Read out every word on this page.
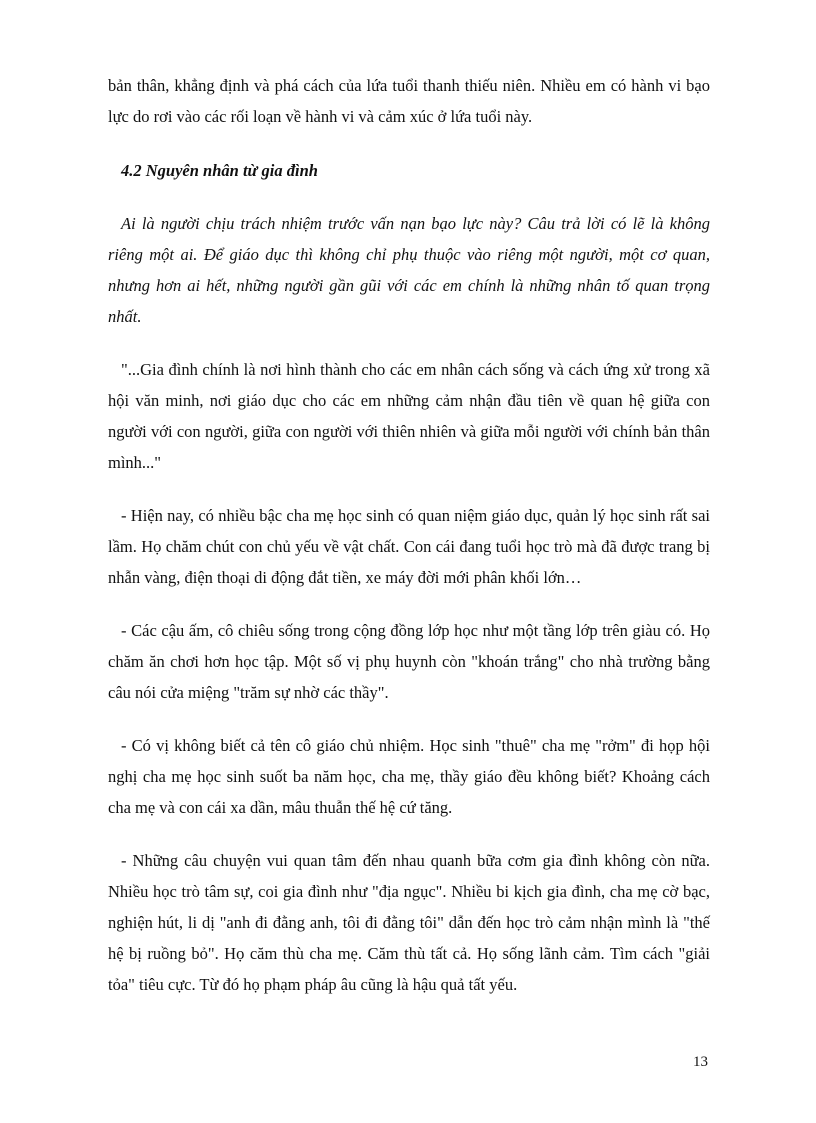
bản thân, khẳng định và phá cách của lứa tuổi thanh thiếu niên. Nhiều em có hành vi bạo lực do rơi vào các rối loạn về hành vi và cảm xúc ở lứa tuổi này.

4.2 Nguyên nhân từ gia đình

Ai là người chịu trách nhiệm trước vấn nạn bạo lực này? Câu trả lời có lẽ là không riêng một ai. Để giáo dục thì không chỉ phụ thuộc vào riêng một người, một cơ quan, nhưng hơn ai hết, những người gần gũi với các em chính là những nhân tố quan trọng nhất.

"...Gia đình chính là nơi hình thành cho các em nhân cách sống và cách ứng xử trong xã hội văn minh, nơi giáo dục cho các em những cảm nhận đầu tiên về quan hệ giữa con người với con người, giữa con người với thiên nhiên và giữa mỗi người với chính bản thân mình..."

- Hiện nay, có nhiều bậc cha mẹ học sinh có quan niệm giáo dục, quản lý học sinh rất sai lầm. Họ chăm chút con chủ yếu về vật chất. Con cái đang tuổi học trò mà đã được trang bị nhẫn vàng, điện thoại di động đắt tiền, xe máy đời mới phân khối lớn…

- Các cậu ấm, cô chiêu sống trong cộng đồng lớp học như một tầng lớp trên giàu có. Họ chăm ăn chơi hơn học tập. Một số vị phụ huynh còn "khoán trắng" cho nhà trường bằng câu nói cửa miệng "trăm sự nhờ các thầy".

- Có vị không biết cả tên cô giáo chủ nhiệm. Học sinh "thuê" cha mẹ "rởm" đi họp hội nghị cha mẹ học sinh suốt ba năm học, cha mẹ, thầy giáo đều không biết? Khoảng cách cha mẹ và con cái xa dần, mâu thuẫn thế hệ cứ tăng.

- Những câu chuyện vui quan tâm đến nhau quanh bữa cơm gia đình không còn nữa. Nhiều học trò tâm sự, coi gia đình như "địa ngục". Nhiều bi kịch gia đình, cha mẹ cờ bạc, nghiện hút, li dị "anh đi đằng anh, tôi đi đằng tôi" dẫn đến học trò cảm nhận mình là "thế hệ bị ruồng bỏ". Họ căm thù cha mẹ. Căm thù tất cả. Họ sống lãnh cảm. Tìm cách "giải tỏa" tiêu cực. Từ đó họ phạm pháp âu cũng là hậu quả tất yếu.

13
